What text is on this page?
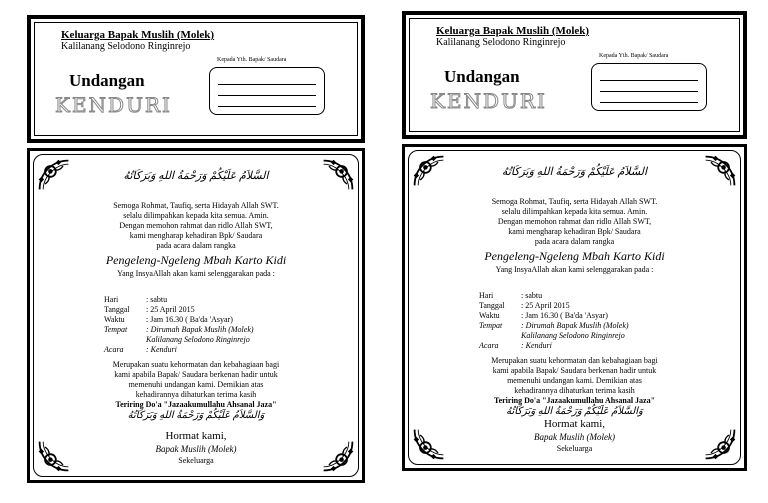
Keluarga Bapak Muslih (Molek)
Kalilanang Selodono Ringinrejo
Kepada Yth. Bapak/ Saudara
Undangan
KENDURI
السَّلاَمُ عَلَيْكُمْ وَرَحْمَةُ اللهِ وَبَرَكَاتُهُ
Semoga Rohmat, Taufiq, serta Hidayah Allah SWT.
selalu dilimpahkan kepada kita semua. Amin.
Dengan memohon rahmat dan ridlo Allah SWT,
kami mengharap kehadiran Bpk/ Saudara
pada acara dalam rangka
Pengeleng-Ngeleng Mbah Karto Kidi
Yang InsyaAllah akan kami selenggarakan pada :
Hari	: sabtu
Tanggal : 25 April 2015
Waktu	: Jam 16.30 ( Ba'da 'Asyar)
Tempat : Dirumah Bapak Muslih (Molek)
Kalilanang Selodono Ringinrejo
Acara	: Kenduri
Merupakan suatu kehormatan dan kebahagiaan bagi
kami apabila Bapak/ Saudara berkenan hadir untuk
memenuhi undangan kami. Demikian atas
kehadirannya dihaturkan terima kasih
Teriring Do'a "Jazaakumullahu Ahsanal Jaza"
وَالسَّلاَمُ عَلَيْكُمْ وَرَحْمَةُ اللهِ وَبَرَكَاتُهُ
Hormat kami,
Bapak Muslih (Molek)
Sekeluarga
Keluarga Bapak Muslih (Molek)
Kalilanang Selodono Ringinrejo
Kepada Yth. Bapak/ Saudara
Undangan
KENDURI
السَّلاَمُ عَلَيْكُمْ وَرَحْمَةُ اللهِ وَبَرَكَاتُهُ
Semoga Rohmat, Taufiq, serta Hidayah Allah SWT.
selalu dilimpahkan kepada kita semua. Amin.
Dengan memohon rahmat dan ridlo Allah SWT,
kami mengharap kehadiran Bpk/ Saudara
pada acara dalam rangka
Pengeleng-Ngeleng Mbah Karto Kidi
Yang InsyaAllah akan kami selenggarakan pada :
Hari	: sabtu
Tanggal : 25 April 2015
Waktu	: Jam 16.30 ( Ba'da 'Asyar)
Tempat : Dirumah Bapak Muslih (Molek)
Kalilanang Selodono Ringinrejo
Acara	: Kenduri
Merupakan suatu kehormatan dan kebahagiaan bagi
kami apabila Bapak/ Saudara berkenan hadir untuk
memenuhi undangan kami. Demikian atas
kehadirannya dihaturkan terima kasih
Teriring Do'a "Jazaakumullahu Ahsanal Jaza"
وَالسَّلاَمُ عَلَيْكُمْ وَرَحْمَةُ اللهِ وَبَرَكَاتُهُ
Hormat kami,
Bapak Muslih (Molek)
Sekeluarga
